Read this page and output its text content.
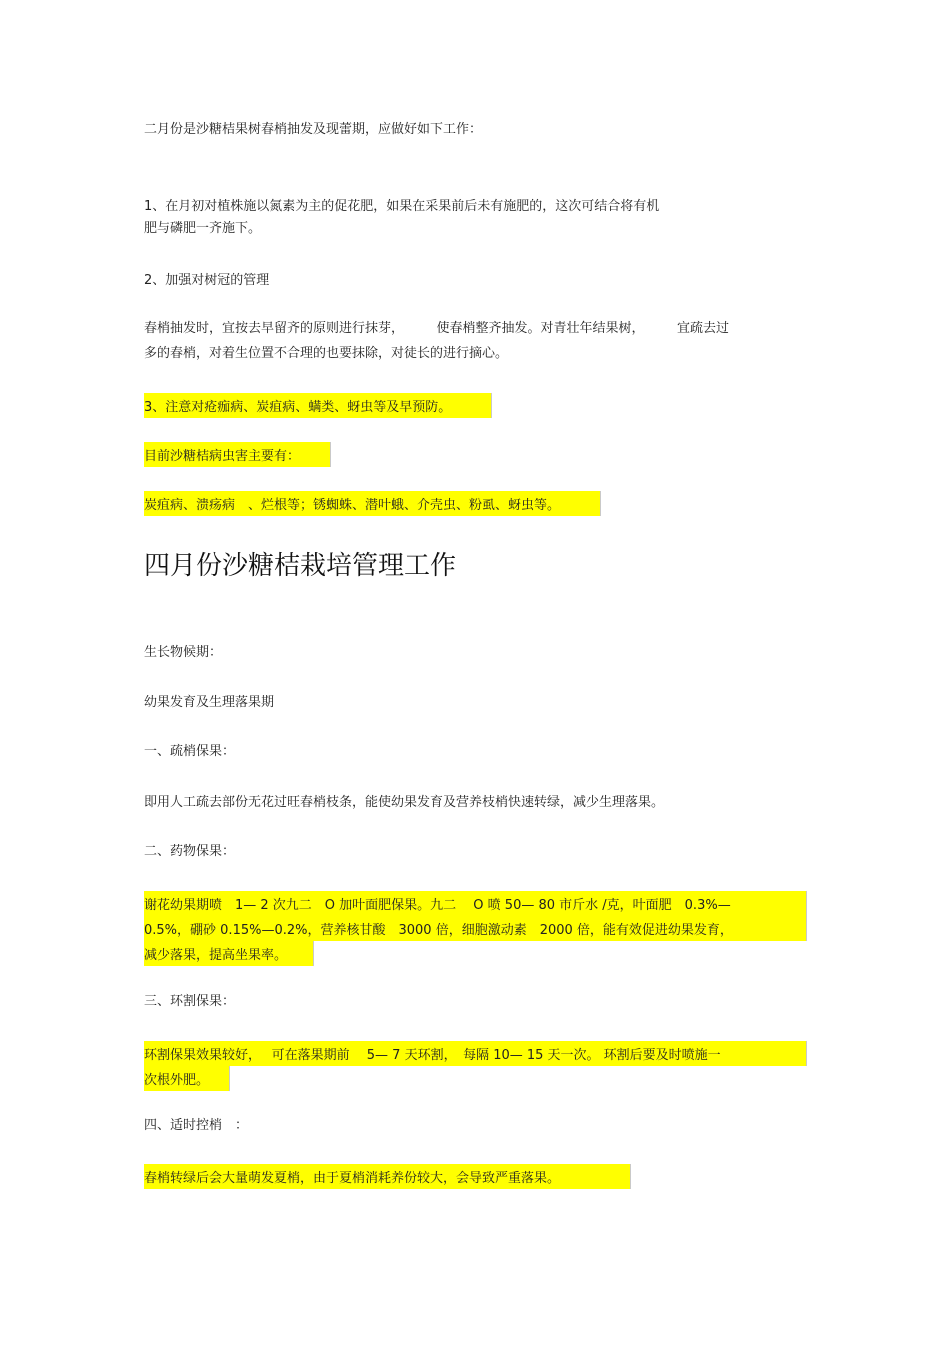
二月份是沙糖桔果树春梢抽发及现蕾期，应做好如下工作：
1、在月初对植株施以氮素为主的促花肥，如果在采果前后未有施肥的，这次可结合将有机
肥与磷肥一齐施下。
2、加强对树冠的管理
春梢抽发时，宜按去早留齐的原则进行抹芽，　　　使春梢整齐抽发。对青壮年结果树，　　　宜疏去过
多的春梢，对着生位置不合理的也要抹除，对徒长的进行摘心。
3、注意对疮痂病、炭疽病、螨类、蚜虫等及早预防。
目前沙糖桔病虫害主要有：
炭疽病、溃疡病　、烂根等；锈蜘蛛、潜叶蛾、介壳虫、粉虱、蚜虫等。
四月份沙糖桔栽培管理工作
生长物候期：
幼果发育及生理落果期
一、疏梢保果：
即用人工疏去部份无花过旺春梢枝条，能使幼果发育及营养枝梢快速转绿，减少生理落果。
二、药物保果：
谢花幼果期喷　1— 2 次九二　O 加叶面肥保果。九二　 O 喷 50— 80 市斤水 /克，叶面肥　0.3%—
0.5%，硼砂 0.15%—0.2%，营养核甘酸　3000 倍，细胞激动素　2000 倍，能有效促进幼果发育，
减少落果，提高坐果率。
三、环割保果：
环割保果效果较好，　 可在落果期前　 5— 7 天环割，　每隔 10— 15 天一次。 环割后要及时喷施一
次根外肥。
四、适时控梢　：
春梢转绿后会大量萌发夏梢，由于夏梢消耗养份较大，会导致严重落果。
